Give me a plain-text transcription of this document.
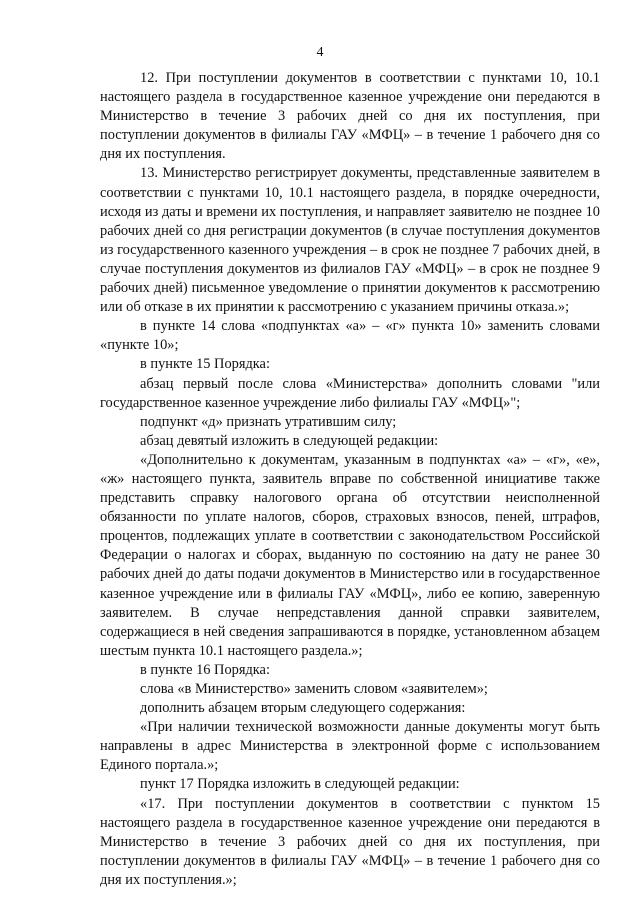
4

12. При поступлении документов в соответствии с пунктами 10, 10.1 настоящего раздела в государственное казенное учреждение они передаются в Министерство в течение 3 рабочих дней со дня их поступления, при поступлении документов в филиалы ГАУ «МФЦ» – в течение 1 рабочего дня со дня их поступления.

13. Министерство регистрирует документы, представленные заявителем в соответствии с пунктами 10, 10.1 настоящего раздела, в порядке очередности, исходя из даты и времени их поступления, и направляет заявителю не позднее 10 рабочих дней со дня регистрации документов (в случае поступления документов из государственного казенного учреждения – в срок не позднее 7 рабочих дней, в случае поступления документов из филиалов ГАУ «МФЦ» – в срок не позднее 9 рабочих дней) письменное уведомление о принятии документов к рассмотрению или об отказе в их принятии к рассмотрению с указанием причины отказа.»;

в пункте 14 слова «подпунктах «а» – «г» пункта 10» заменить словами «пункте 10»;

в пункте 15 Порядка:

абзац первый после слова «Министерства» дополнить словами "или государственное казенное учреждение либо филиалы ГАУ «МФЦ»";

подпункт «д» признать утратившим силу;

абзац девятый изложить в следующей редакции:

«Дополнительно к документам, указанным в подпунктах «а» – «г», «е», «ж» настоящего пункта, заявитель вправе по собственной инициативе также представить справку налогового органа об отсутствии неисполненной обязанности по уплате налогов, сборов, страховых взносов, пеней, штрафов, процентов, подлежащих уплате в соответствии с законодательством Российской Федерации о налогах и сборах, выданную по состоянию на дату не ранее 30 рабочих дней до даты подачи документов в Министерство или в государственное казенное учреждение или в филиалы ГАУ «МФЦ», либо ее копию, заверенную заявителем. В случае непредставления данной справки заявителем, содержащиеся в ней сведения запрашиваются в порядке, установленном абзацем шестым пункта 10.1 настоящего раздела.»;

в пункте 16 Порядка:

слова «в Министерство» заменить словом «заявителем»;

дополнить абзацем вторым следующего содержания:

«При наличии технической возможности данные документы могут быть направлены в адрес Министерства в электронной форме с использованием Единого портала.»;

пункт 17 Порядка изложить в следующей редакции:

«17. При поступлении документов в соответствии с пунктом 15 настоящего раздела в государственное казенное учреждение они передаются в Министерство в течение 3 рабочих дней со дня их поступления, при поступлении документов в филиалы ГАУ «МФЦ» – в течение 1 рабочего дня со дня их поступления.»;
